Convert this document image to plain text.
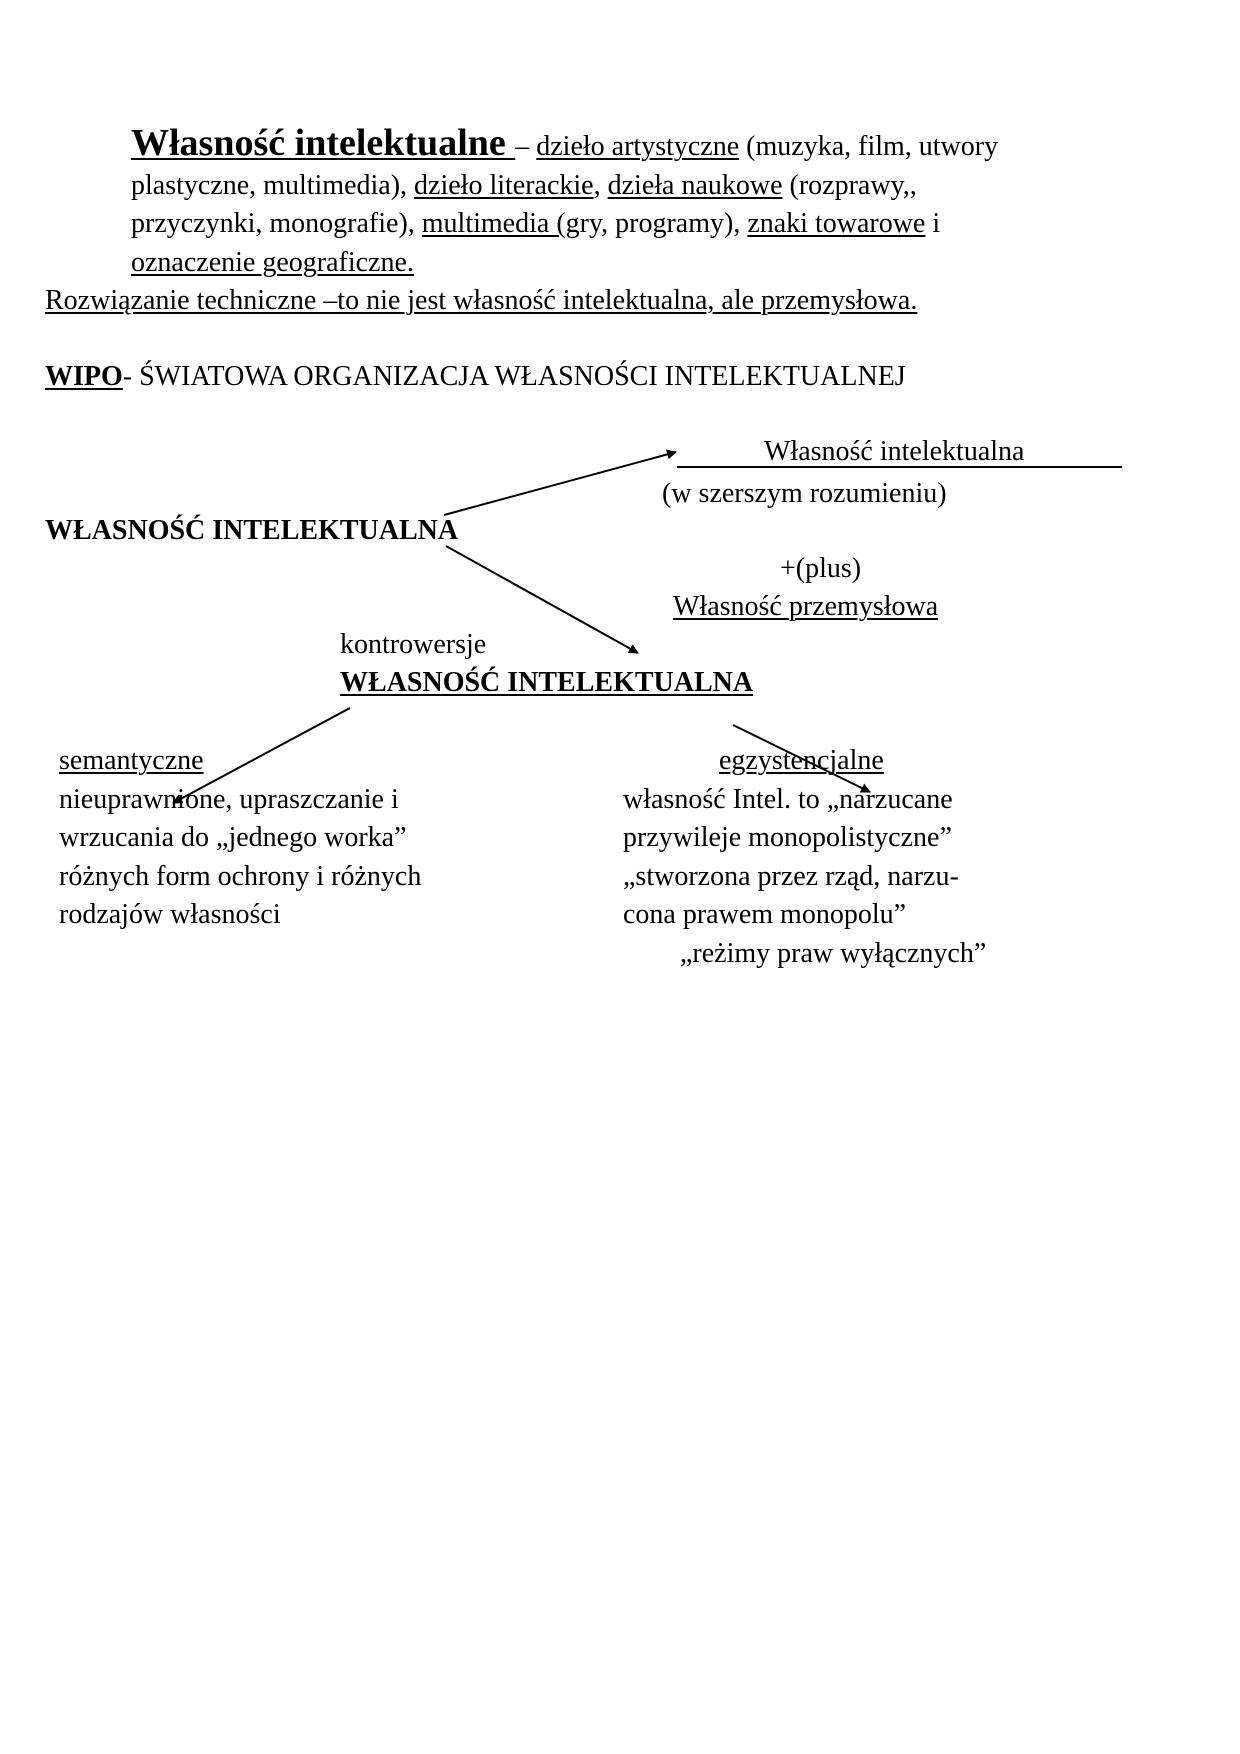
Własność intelektualne – dzieło artystyczne (muzyka, film, utwory
plastyczne, multimedia), dzieło literackie, dzieła naukowe (rozprawy,,
przyczynki, monografie), multimedia (gry, programy), znaki towarowe i
oznaczenie geograficzne.
Rozwiązanie techniczne –to nie jest własność intelektualna, ale przemysłowa.
WIPO- ŚWIATOWA ORGANIZACJA WŁASNOŚCI INTELEKTUALNEJ
Własność intelektualna
(w szerszym rozumieniu)
WŁASNOŚĆ INTELEKTUALNA
+(plus)
Własność przemysłowa
kontrowersje
WŁASNOŚĆ INTELEKTUALNA
semantyczne
nieuprawnione, upraszczanie i
wrzucania do „jednego worka”
różnych form ochrony i różnych
rodzajów własności
egzystencjalne
własność Intel. to „narzucane
przywileje monopolistyczne”
„stworzona przez rząd, narzu-
cona prawem monopolu”
„reżimy praw wyłącznych”
